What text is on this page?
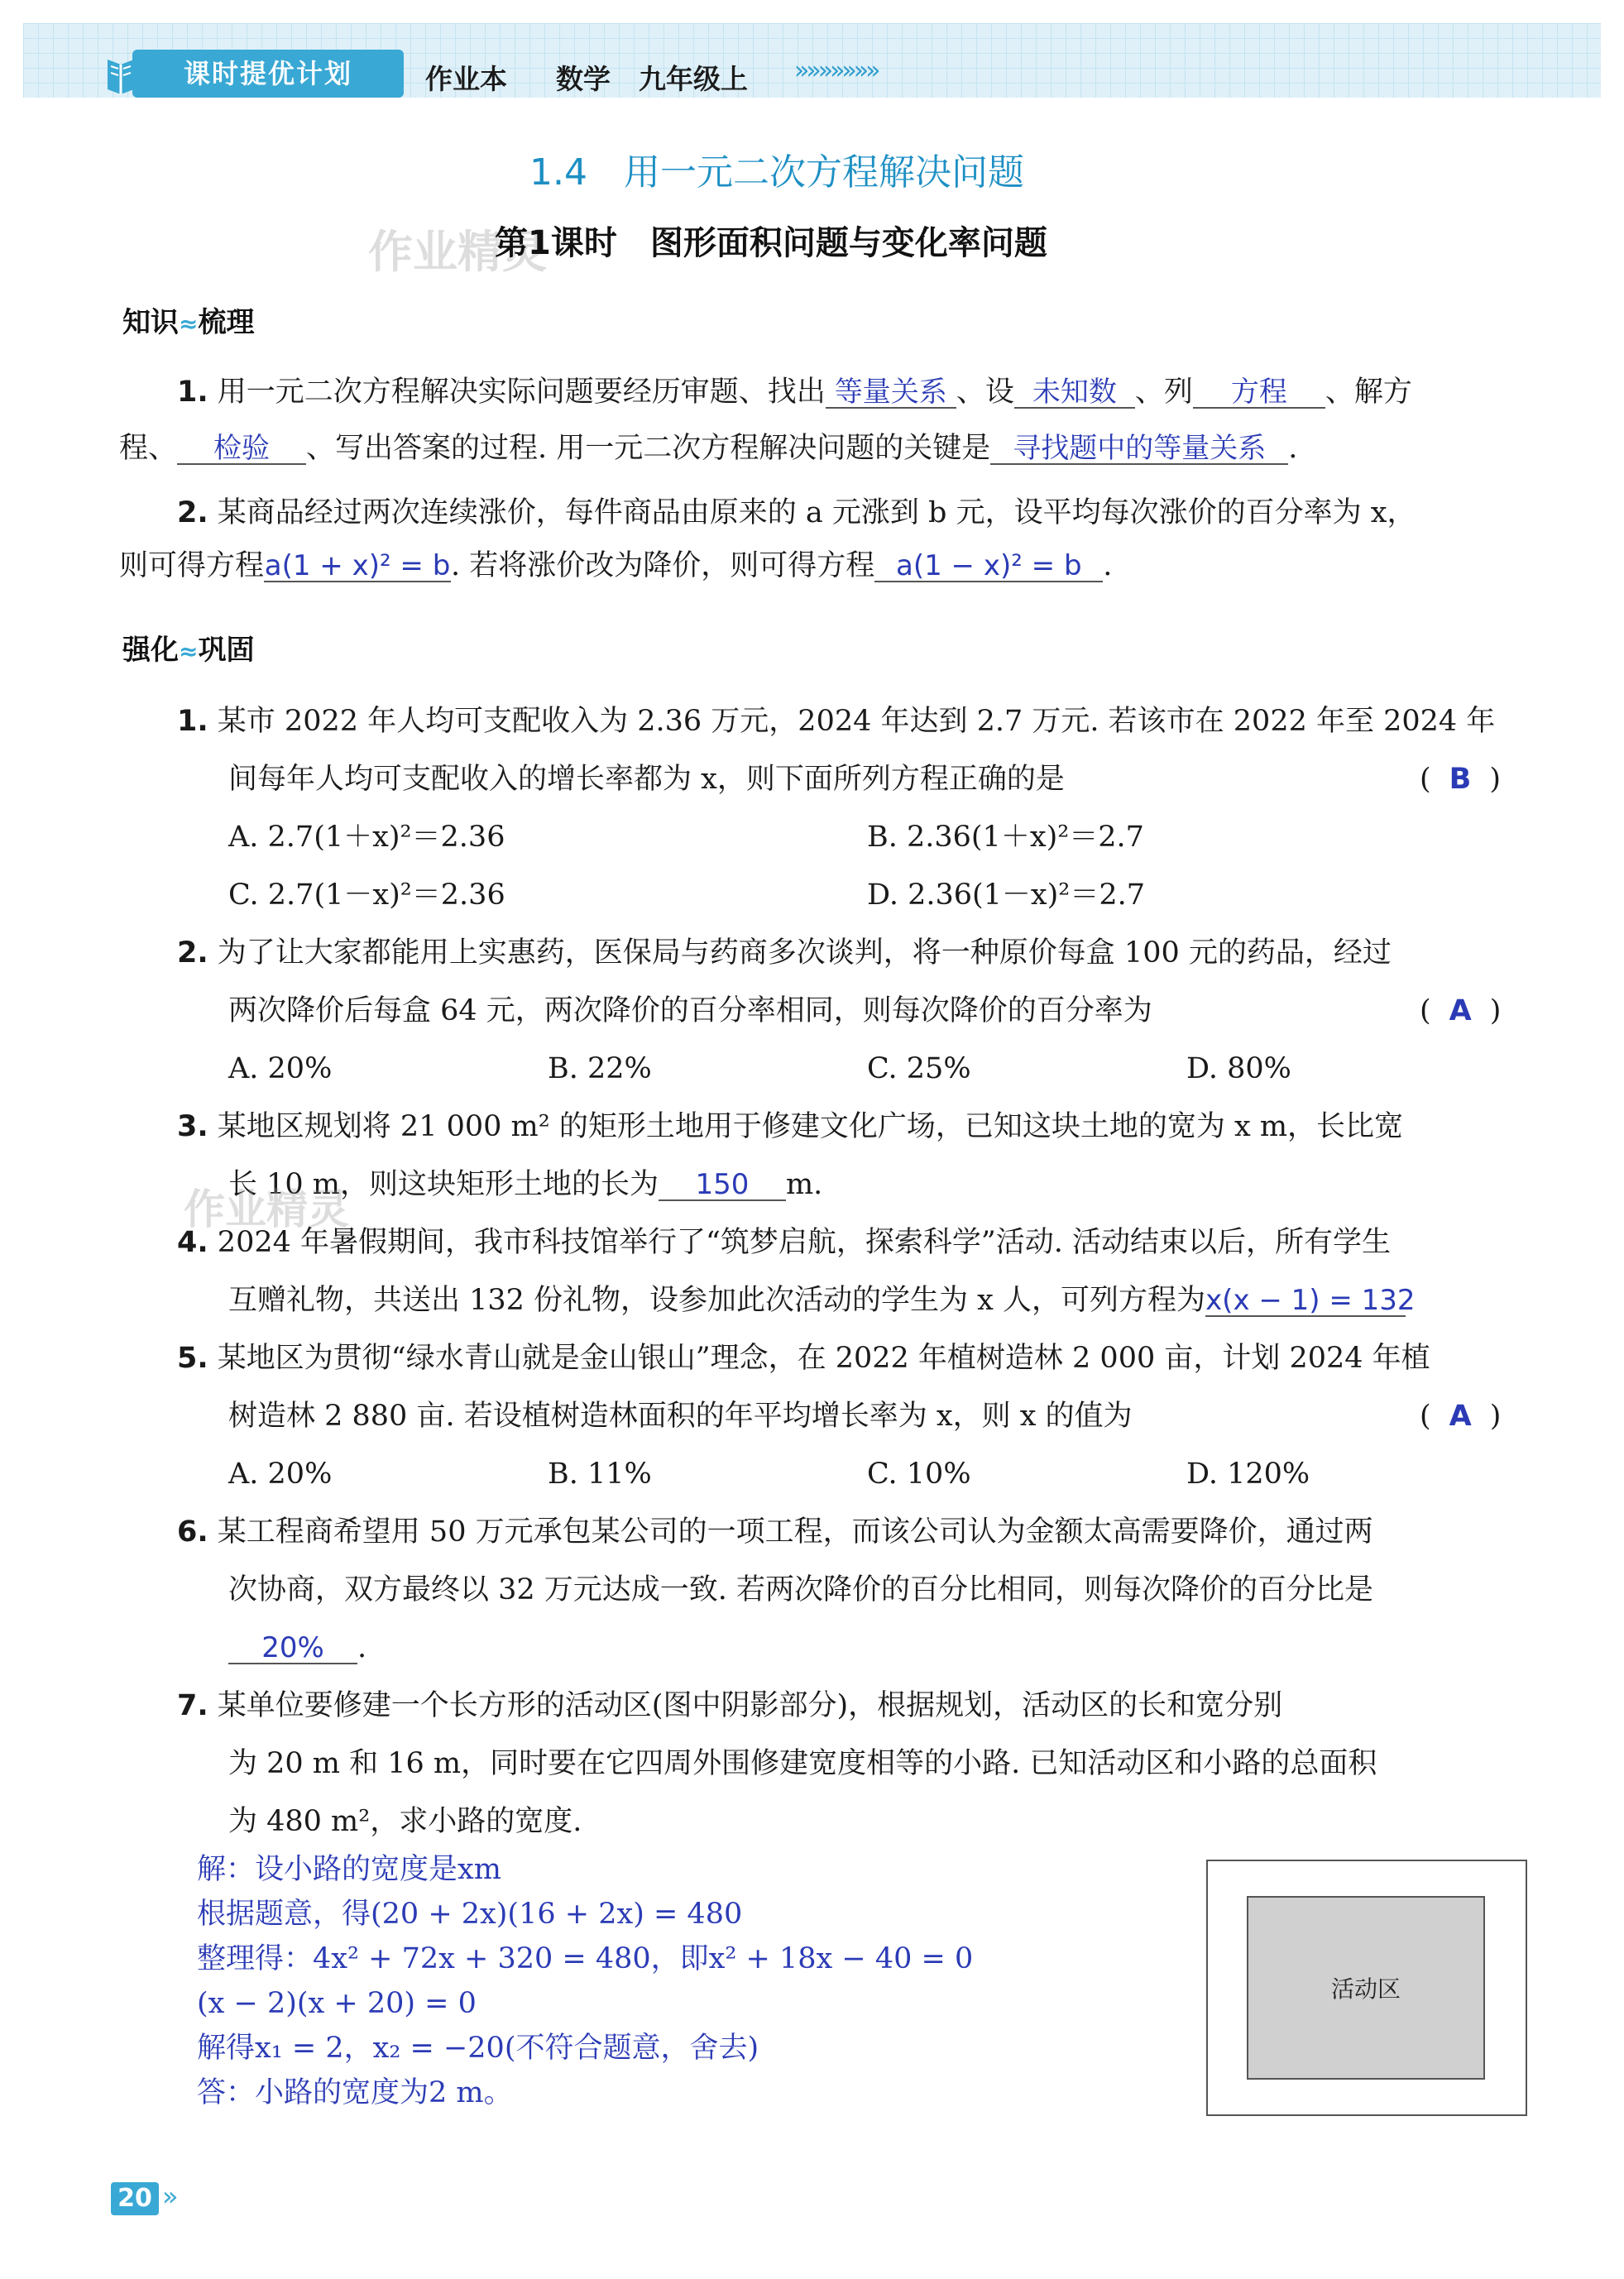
课时提优计划	作业本 数学 九年级上 »»»»»»»
1.4　用一元二次方程解决问题
作业精灵
第1课时　图形面积问题与变化率问题
知识≈梳理
1. 用一元二次方程解决实际问题要经历审题、找出 等量关系 、设 未知数 、列 方程 、解方
程、 检验 、写出答案的过程. 用一元二次方程解决问题的关键是 寻找题中的等量关系 .
2. 某商品经过两次连续涨价，每件商品由原来的 a 元涨到 b 元，设平均每次涨价的百分率为 x，
则可得方程a(1 + x)² = b. 若将涨价改为降价，则可得方程 a(1 − x)² = b .
强化≈巩固
1. 某市 2022 年人均可支配收入为 2.36 万元，2024 年达到 2.7 万元. 若该市在 2022 年至 2024 年
间每年人均可支配收入的增长率都为 x，则下面所列方程正确的是	( B )
A. 2.7(1＋x)²＝2.36	B. 2.36(1＋x)²＝2.7
C. 2.7(1－x)²＝2.36	D. 2.36(1－x)²＝2.7
2. 为了让大家都能用上实惠药，医保局与药商多次谈判，将一种原价每盒 100 元的药品，经过
两次降价后每盒 64 元，两次降价的百分率相同，则每次降价的百分率为	( A )
A. 20%	B. 22%	C. 25%	D. 80%
3. 某地区规划将 21 000 m² 的矩形土地用于修建文化广场，已知这块土地的宽为 x m，长比宽
长 10 m，则这块矩形土地的长为 150 m.
作业精灵
4. 2024 年暑假期间，我市科技馆举行了“筑梦启航，探索科学”活动. 活动结束以后，所有学生
互赠礼物，共送出 132 份礼物，设参加此次活动的学生为 x 人，可列方程为x(x − 1) = 132
5. 某地区为贯彻“绿水青山就是金山银山”理念，在 2022 年植树造林 2 000 亩，计划 2024 年植
树造林 2 880 亩. 若设植树造林面积的年平均增长率为 x，则 x 的值为	( A )
A. 20%	B. 11%	C. 10%	D. 120%
6. 某工程商希望用 50 万元承包某公司的一项工程，而该公司认为金额太高需要降价，通过两
次协商，双方最终以 32 万元达成一致. 若两次降价的百分比相同，则每次降价的百分比是
20% .
7. 某单位要修建一个长方形的活动区(图中阴影部分)，根据规划，活动区的长和宽分别
为 20 m 和 16 m，同时要在它四周外围修建宽度相等的小路. 已知活动区和小路的总面积
为 480 m²，求小路的宽度.
解：设小路的宽度是xm
根据题意，得(20 + 2x)(16 + 2x) = 480
整理得：4x² + 72x + 320 = 480，即x² + 18x − 40 = 0
(x − 2)(x + 20) = 0
解得x₁ = 2，x₂ = −20(不符合题意，舍去)
答：小路的宽度为2 m。
活动区
20 ››
